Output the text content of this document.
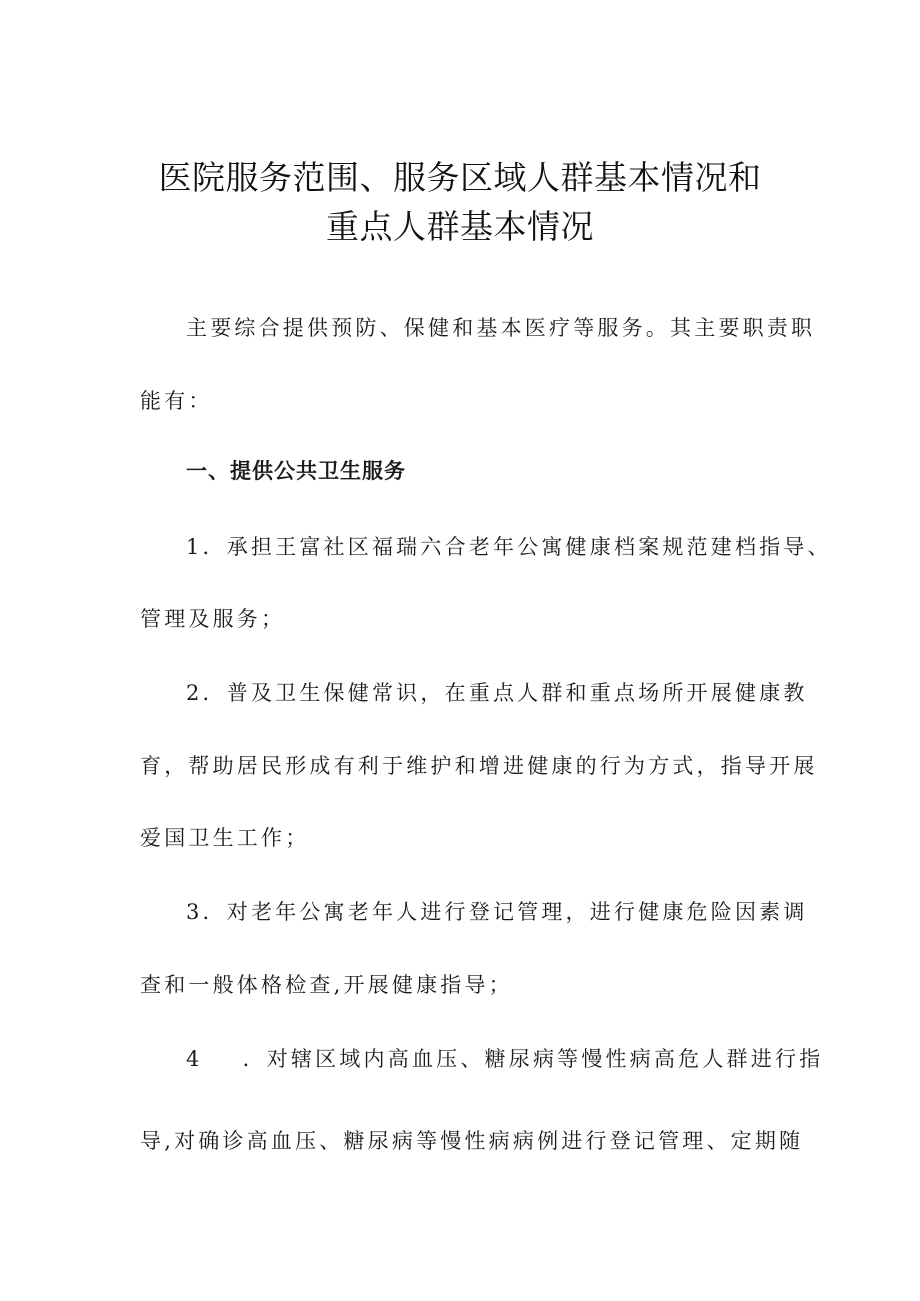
医院服务范围、服务区域人群基本情况和
重点人群基本情况

主要综合提供预防、保健和基本医疗等服务。其主要职责职

能有：

一、提供公共卫生服务

1．承担王富社区福瑞六合老年公寓健康档案规范建档指导、

管理及服务；

2．普及卫生保健常识，在重点人群和重点场所开展健康教

育，帮助居民形成有利于维护和增进健康的行为方式，指导开展

爱国卫生工作；

3．对老年公寓老年人进行登记管理，进行健康危险因素调

查和一般体格检查,开展健康指导；

4 ．对辖区域内高血压、糖尿病等慢性病高危人群进行指

导,对确诊高血压、糖尿病等慢性病病例进行登记管理、定期随
